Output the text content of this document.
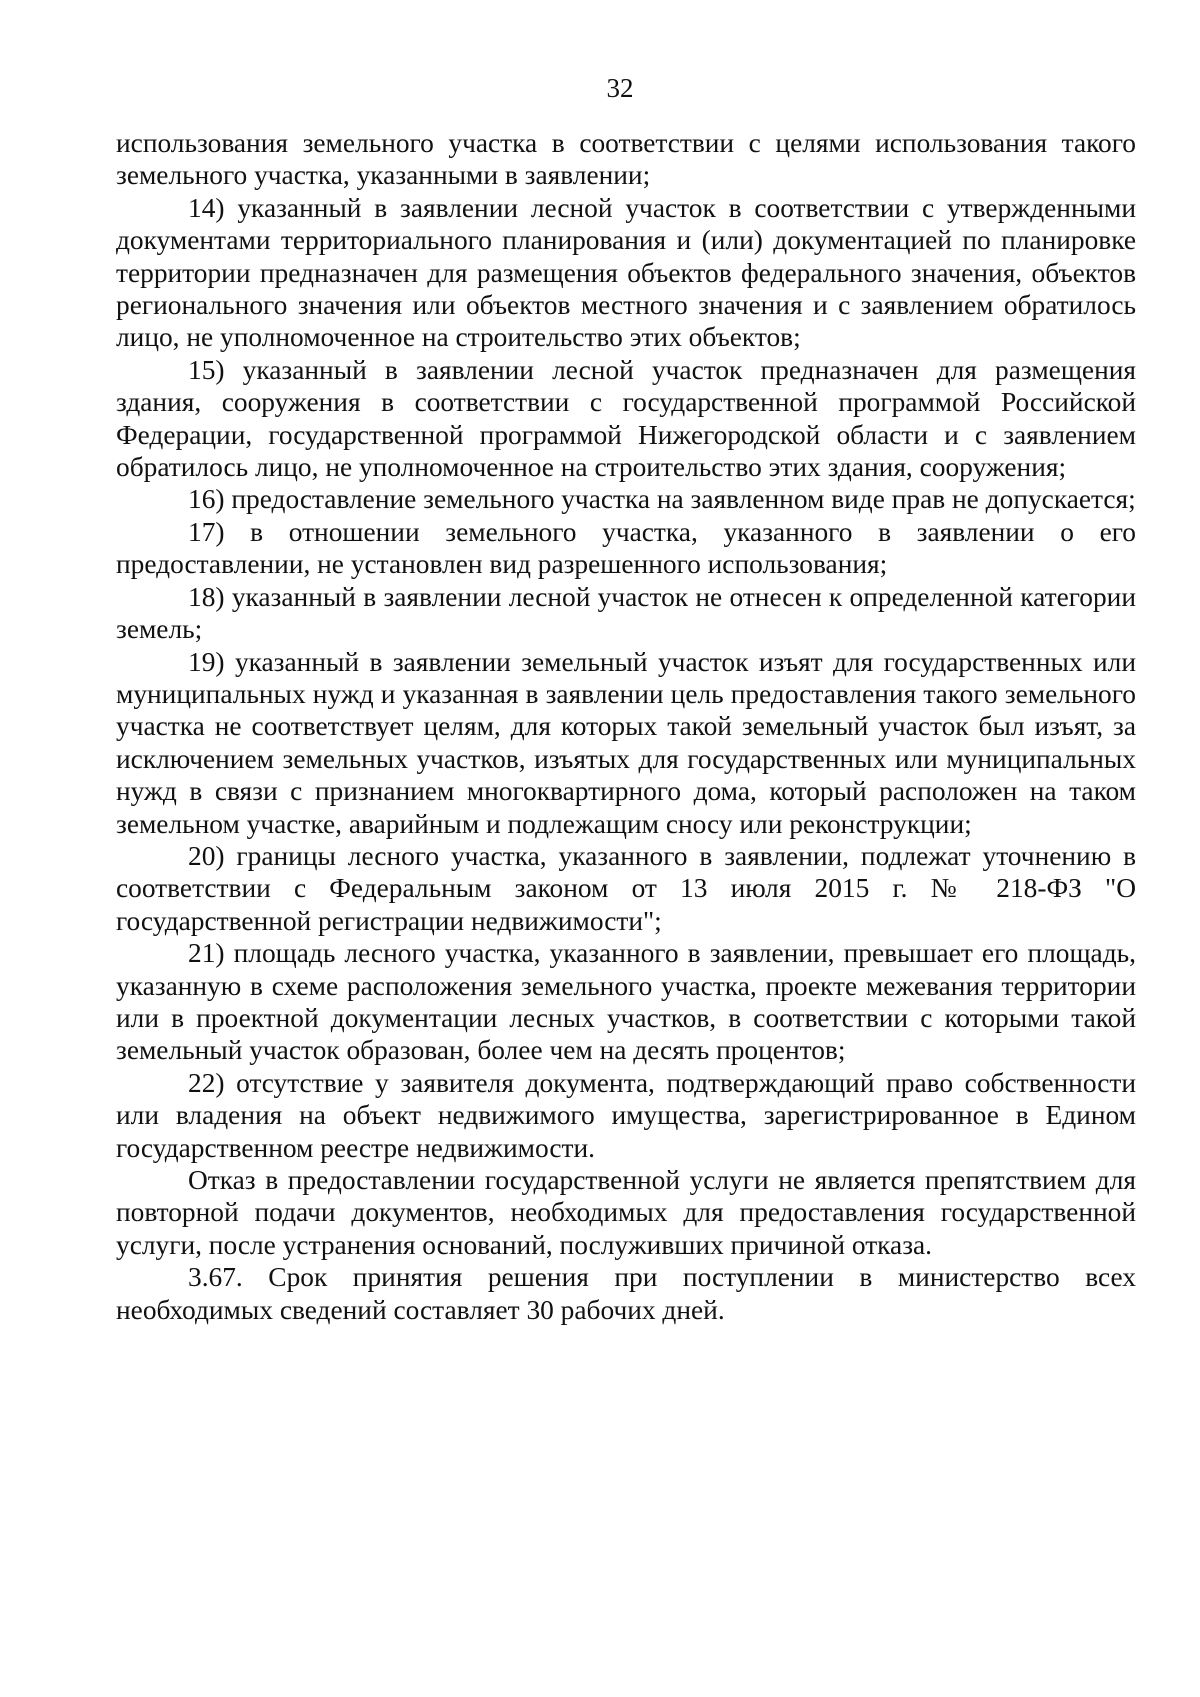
32

использования земельного участка в соответствии с целями использования такого земельного участка, указанными в заявлении;

14) указанный в заявлении лесной участок в соответствии с утвержденными документами территориального планирования и (или) документацией по планировке территории предназначен для размещения объектов федерального значения, объектов регионального значения или объектов местного значения и с заявлением обратилось лицо, не уполномоченное на строительство этих объектов;

15) указанный в заявлении лесной участок предназначен для размещения здания, сооружения в соответствии с государственной программой Российской Федерации, государственной программой Нижегородской области и с заявлением обратилось лицо, не уполномоченное на строительство этих здания, сооружения;

16) предоставление земельного участка на заявленном виде прав не допускается;

17) в отношении земельного участка, указанного в заявлении о его предоставлении, не установлен вид разрешенного использования;

18) указанный в заявлении лесной участок не отнесен к определенной категории земель;

19) указанный в заявлении земельный участок изъят для государственных или муниципальных нужд и указанная в заявлении цель предоставления такого земельного участка не соответствует целям, для которых такой земельный участок был изъят, за исключением земельных участков, изъятых для государственных или муниципальных нужд в связи с признанием многоквартирного дома, который расположен на таком земельном участке, аварийным и подлежащим сносу или реконструкции;

20) границы лесного участка, указанного в заявлении, подлежат уточнению в соответствии с Федеральным законом от 13 июля 2015 г. № 218-ФЗ "О государственной регистрации недвижимости";

21) площадь лесного участка, указанного в заявлении, превышает его площадь, указанную в схеме расположения земельного участка, проекте межевания территории или в проектной документации лесных участков, в соответствии с которыми такой земельный участок образован, более чем на десять процентов;

22) отсутствие у заявителя документа, подтверждающий право собственности или владения на объект недвижимого имущества, зарегистрированное в Едином государственном реестре недвижимости.

Отказ в предоставлении государственной услуги не является препятствием для повторной подачи документов, необходимых для предоставления государственной услуги, после устранения оснований, послуживших причиной отказа.

3.67. Срок принятия решения при поступлении в министерство всех необходимых сведений составляет 30 рабочих дней.
